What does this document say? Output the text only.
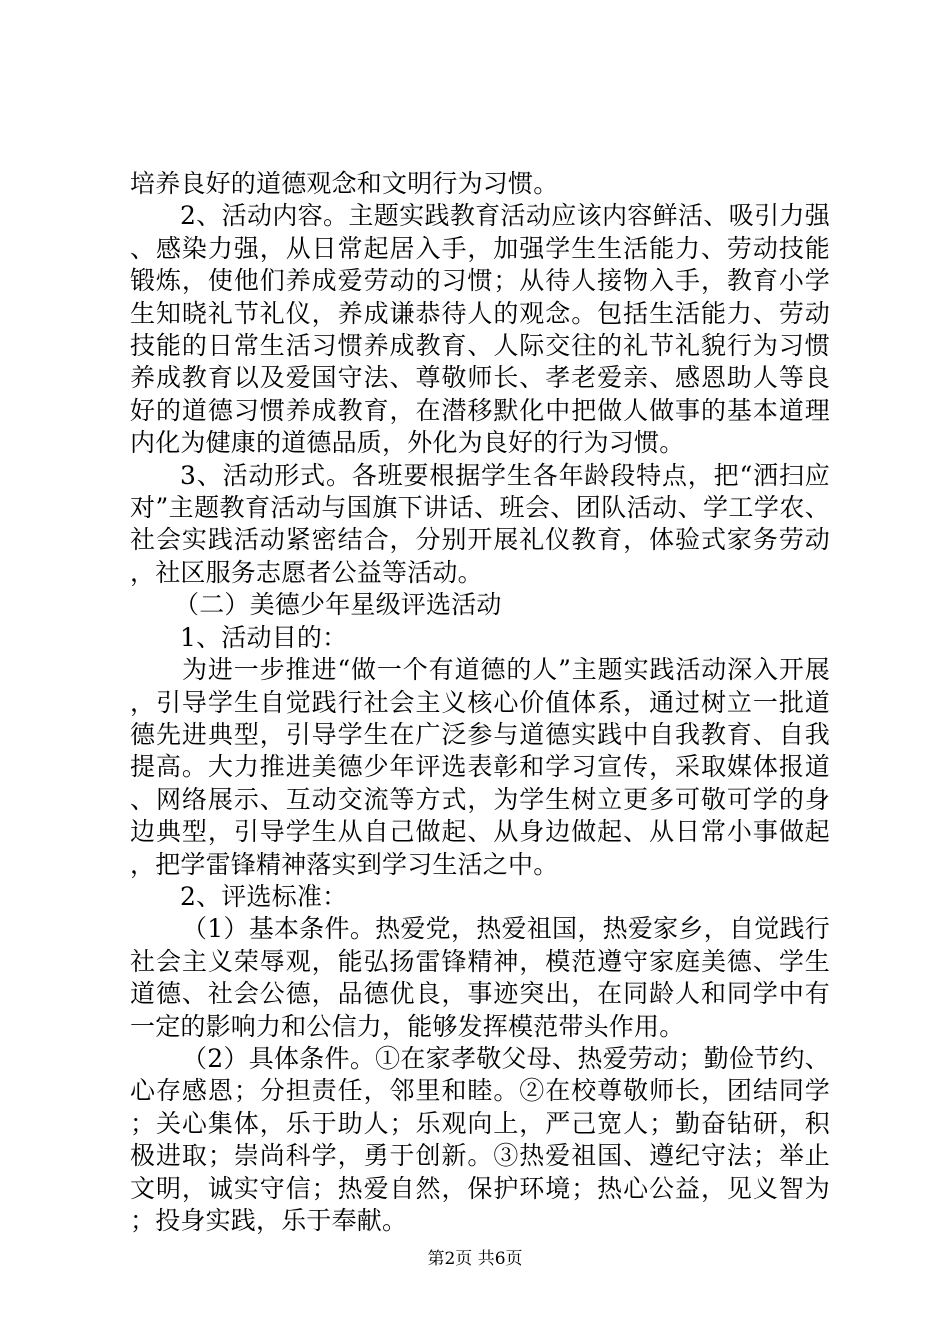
培养良好的道德观念和文明行为习惯。

2、活动内容。主题实践教育活动应该内容鲜活、吸引力强、感染力强，从日常起居入手，加强学生生活能力、劳动技能锻炼，使他们养成爱劳动的习惯；从待人接物入手，教育小学生知晓礼节礼仪，养成谦恭待人的观念。包括生活能力、劳动技能的日常生活习惯养成教育、人际交往的礼节礼貌行为习惯养成教育以及爱国守法、尊敬师长、孝老爱亲、感恩助人等良好的道德习惯养成教育，在潜移默化中把做人做事的基本道理内化为健康的道德品质，外化为良好的行为习惯。

3、活动形式。各班要根据学生各年龄段特点，把“洒扫应对”主题教育活动与国旗下讲话、班会、团队活动、学工学农、社会实践活动紧密结合，分别开展礼仪教育，体验式家务劳动，社区服务志愿者公益等活动。

（二）美德少年星级评选活动

1、活动目的：

为进一步推进“做一个有道德的人”主题实践活动深入开展，引导学生自觉践行社会主义核心价值体系，通过树立一批道德先进典型，引导学生在广泛参与道德实践中自我教育、自我提高。大力推进美德少年评选表彰和学习宣传，采取媒体报道、网络展示、互动交流等方式，为学生树立更多可敬可学的身边典型，引导学生从自己做起、从身边做起、从日常小事做起，把学雷锋精神落实到学习生活之中。

2、评选标准：

（1）基本条件。热爱党，热爱祖国，热爱家乡，自觉践行社会主义荣辱观，能弘扬雷锋精神，模范遵守家庭美德、学生道德、社会公德，品德优良，事迹突出，在同龄人和同学中有一定的影响力和公信力，能够发挥模范带头作用。

（2）具体条件。①在家孝敬父母、热爱劳动；勤俭节约、心存感恩；分担责任，邻里和睦。②在校尊敬师长，团结同学；关心集体，乐于助人；乐观向上，严己宽人；勤奋钻研，积极进取；崇尚科学，勇于创新。③热爱祖国、遵纪守法；举止文明，诚实守信；热爱自然，保护环境；热心公益，见义智为；投身实践，乐于奉献。

第2页 共6页
